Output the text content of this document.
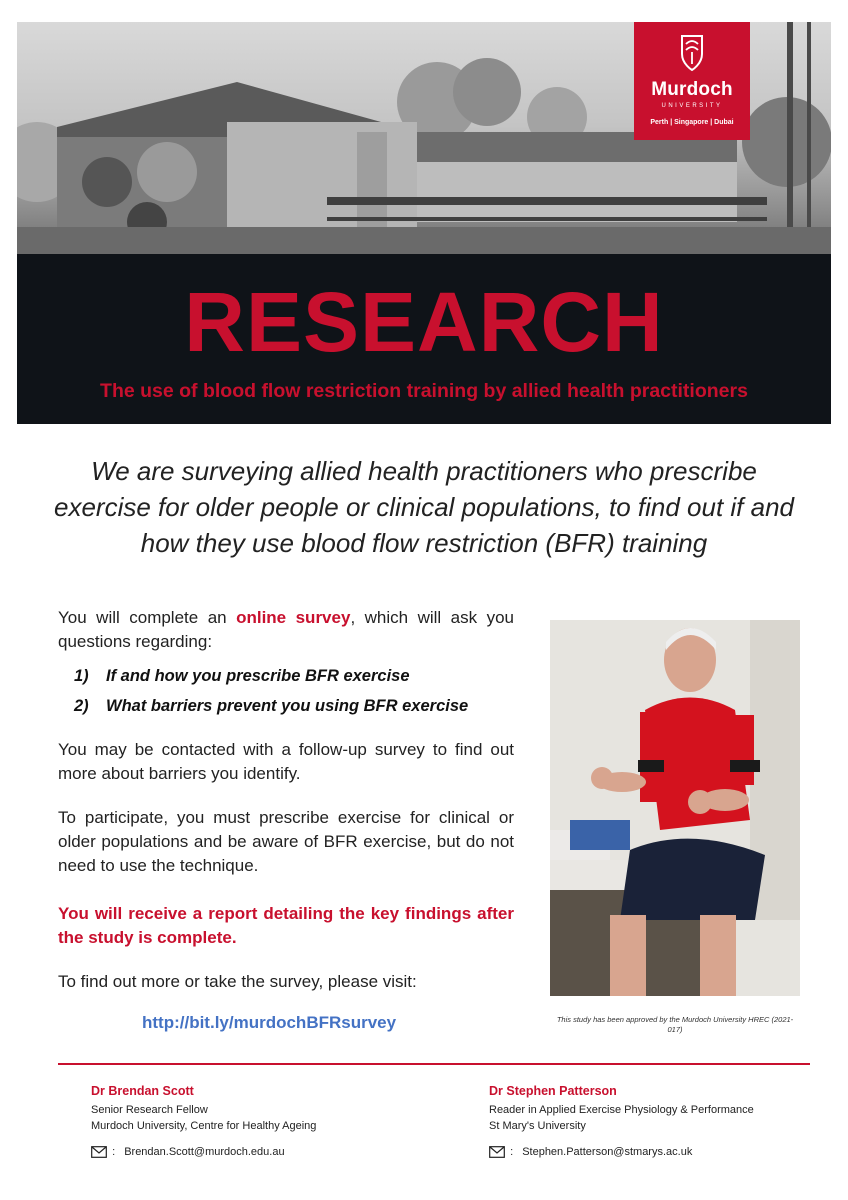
Murdoch
UNIVERSITY
Perth | Singapore | Dubai
RESEARCH
The use of blood flow restriction training by allied health practitioners
We are surveying allied health practitioners who prescribe exercise for older people or clinical populations, to find out if and how they use blood flow restriction (BFR) training
You will complete an online survey, which will ask you questions regarding:
1) If and how you prescribe BFR exercise
2) What barriers prevent you using BFR exercise
You may be contacted with a follow-up survey to find out more about barriers you identify.
To participate, you must prescribe exercise for clinical or older populations and be aware of BFR exercise, but do not need to use the technique.
You will receive a report detailing the key findings after the study is complete.
To find out more or take the survey, please visit:
http://bit.ly/murdochBFRsurvey	This study has been approved by the Murdoch University HREC (2021-017)
Dr Brendan Scott
Senior Research Fellow
Murdoch University, Centre for Healthy Ageing
: Brendan.Scott@murdoch.edu.au
Dr Stephen Patterson
Reader in Applied Exercise Physiology & Performance
St Mary's University
: Stephen.Patterson@stmarys.ac.uk
